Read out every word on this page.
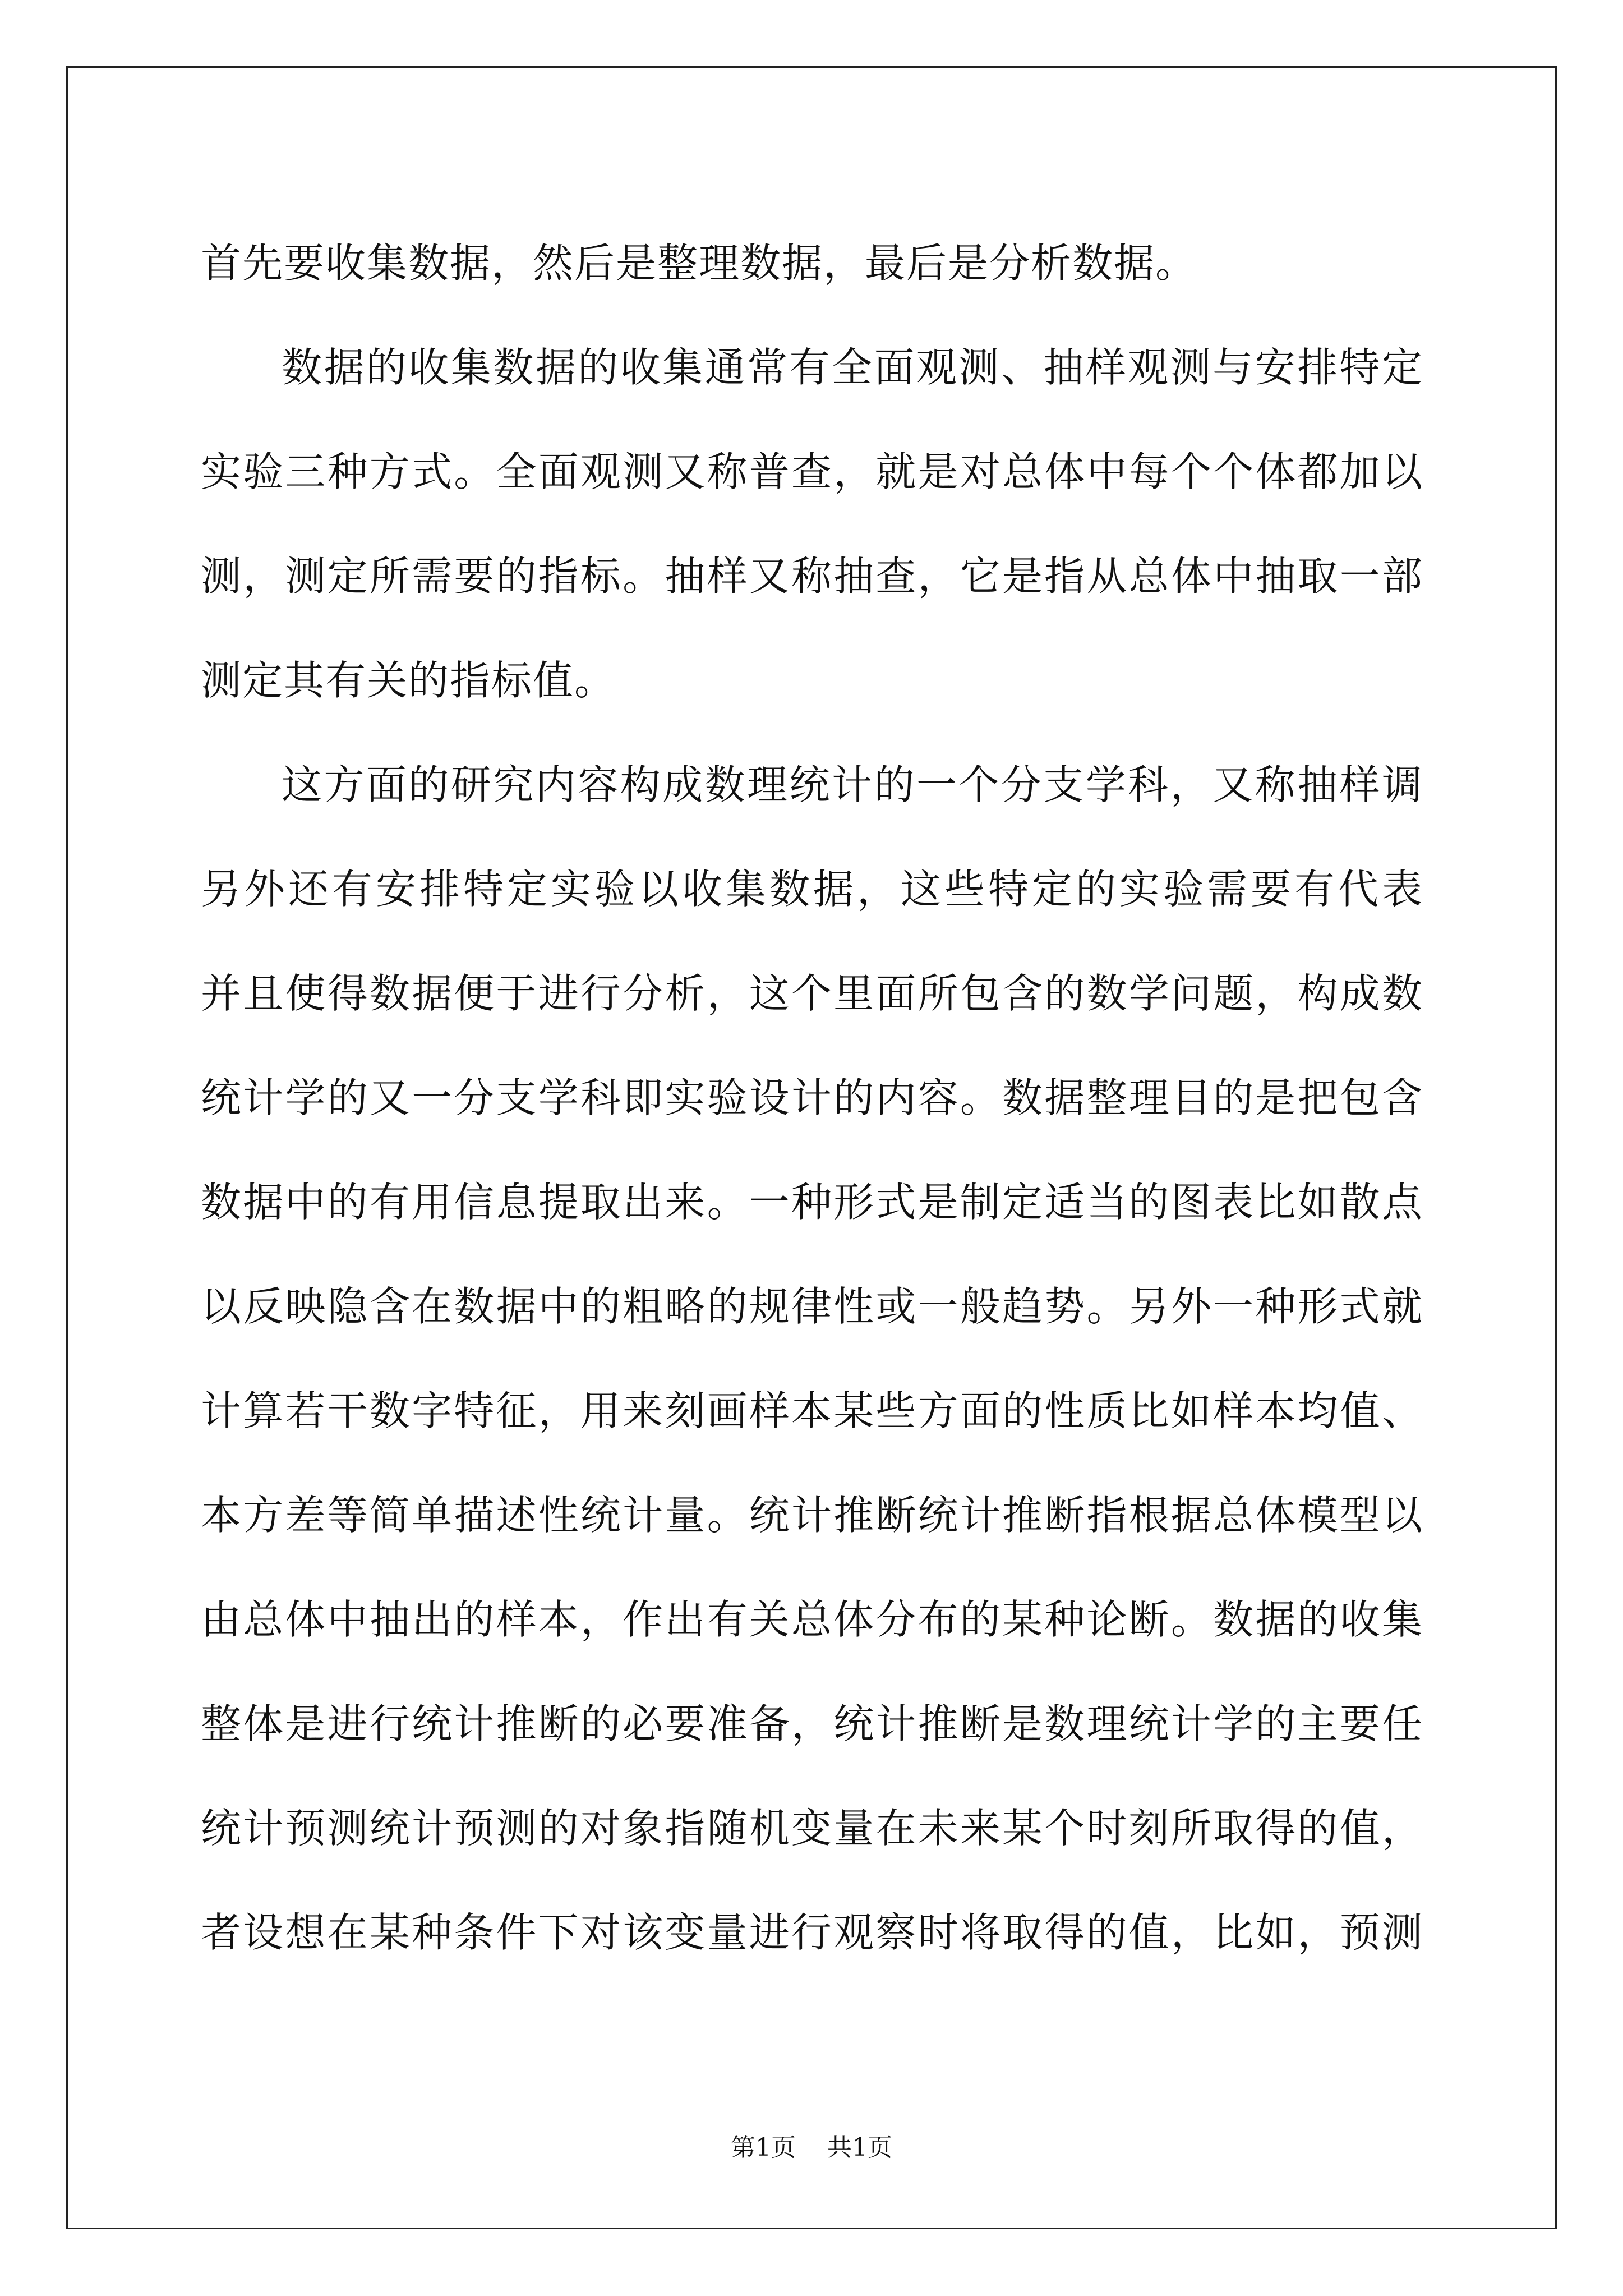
首先要收集数据，然后是整理数据，最后是分析数据。
数据的收集数据的收集通常有全面观测、抽样观测与安排特定
实验三种方式。全面观测又称普查，就是对总体中每个个体都加以
测，测定所需要的指标。抽样又称抽查，它是指从总体中抽取一部
测定其有关的指标值。
这方面的研究内容构成数理统计的一个分支学科，又称抽样调
另外还有安排特定实验以收集数据，这些特定的实验需要有代表
并且使得数据便于进行分析，这个里面所包含的数学问题，构成数
统计学的又一分支学科即实验设计的内容。数据整理目的是把包含
数据中的有用信息提取出来。一种形式是制定适当的图表比如散点
以反映隐含在数据中的粗略的规律性或一般趋势。另外一种形式就
计算若干数字特征，用来刻画样本某些方面的性质比如样本均值、
本方差等简单描述性统计量。统计推断统计推断指根据总体模型以
由总体中抽出的样本，作出有关总体分布的某种论断。数据的收集
整体是进行统计推断的必要准备，统计推断是数理统计学的主要任
统计预测统计预测的对象指随机变量在未来某个时刻所取得的值，
者设想在某种条件下对该变量进行观察时将取得的值，比如，预测
第1页 共1页
